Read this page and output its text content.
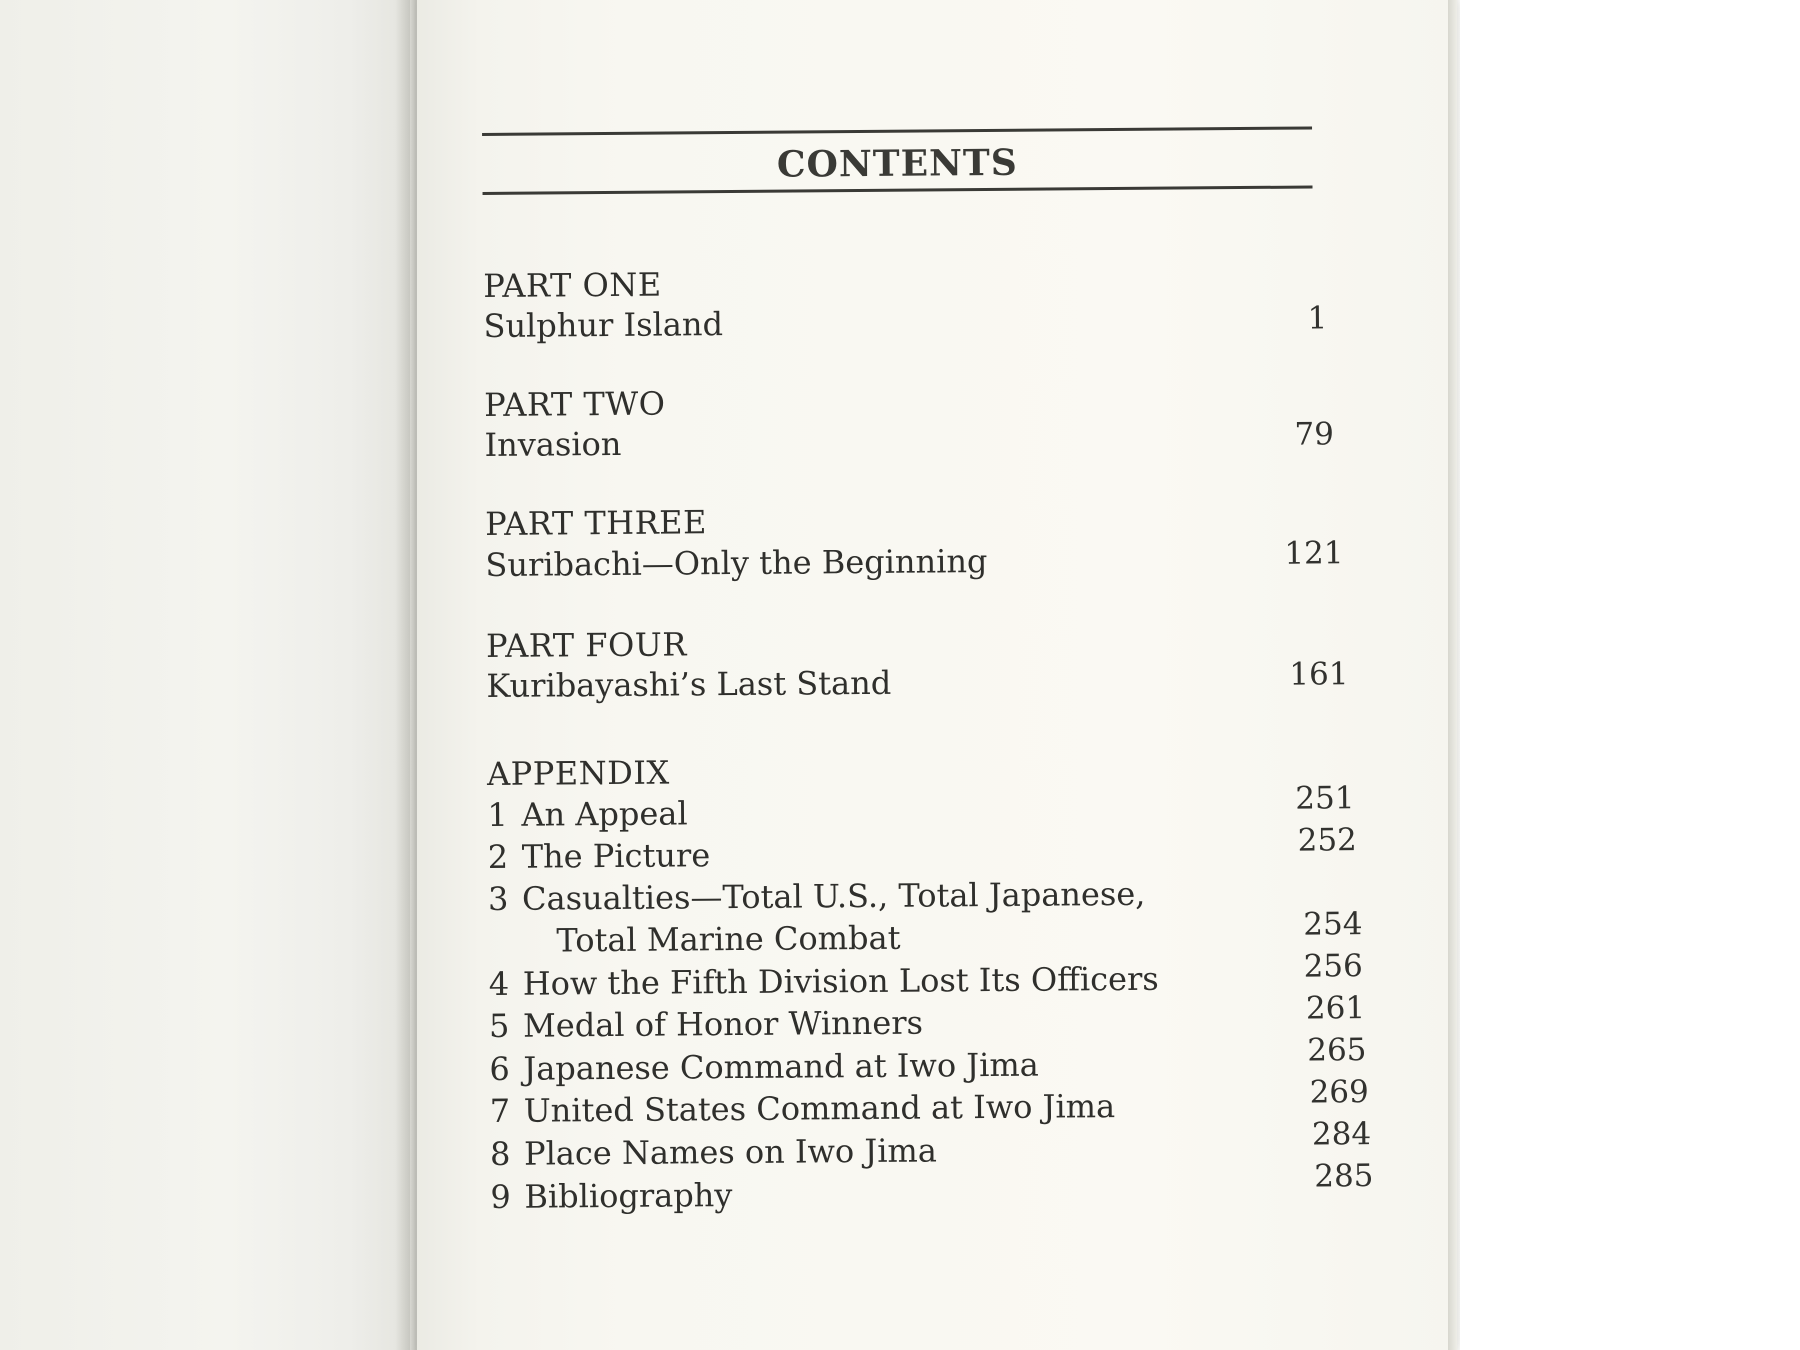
CONTENTS
PART ONE
Sulphur Island	1
PART TWO
Invasion	79
PART THREE
Suribachi—Only the Beginning	121
PART FOUR
Kuribayashi’s Last Stand	161
APPENDIX
1 An Appeal	251
2 The Picture	252
3 Casualties—Total U.S., Total Japanese,
Total Marine Combat	254
4 How the Fifth Division Lost Its Officers	256
5 Medal of Honor Winners	261
6 Japanese Command at Iwo Jima	265
7 United States Command at Iwo Jima	269
8 Place Names on Iwo Jima	284
9 Bibliography	285
